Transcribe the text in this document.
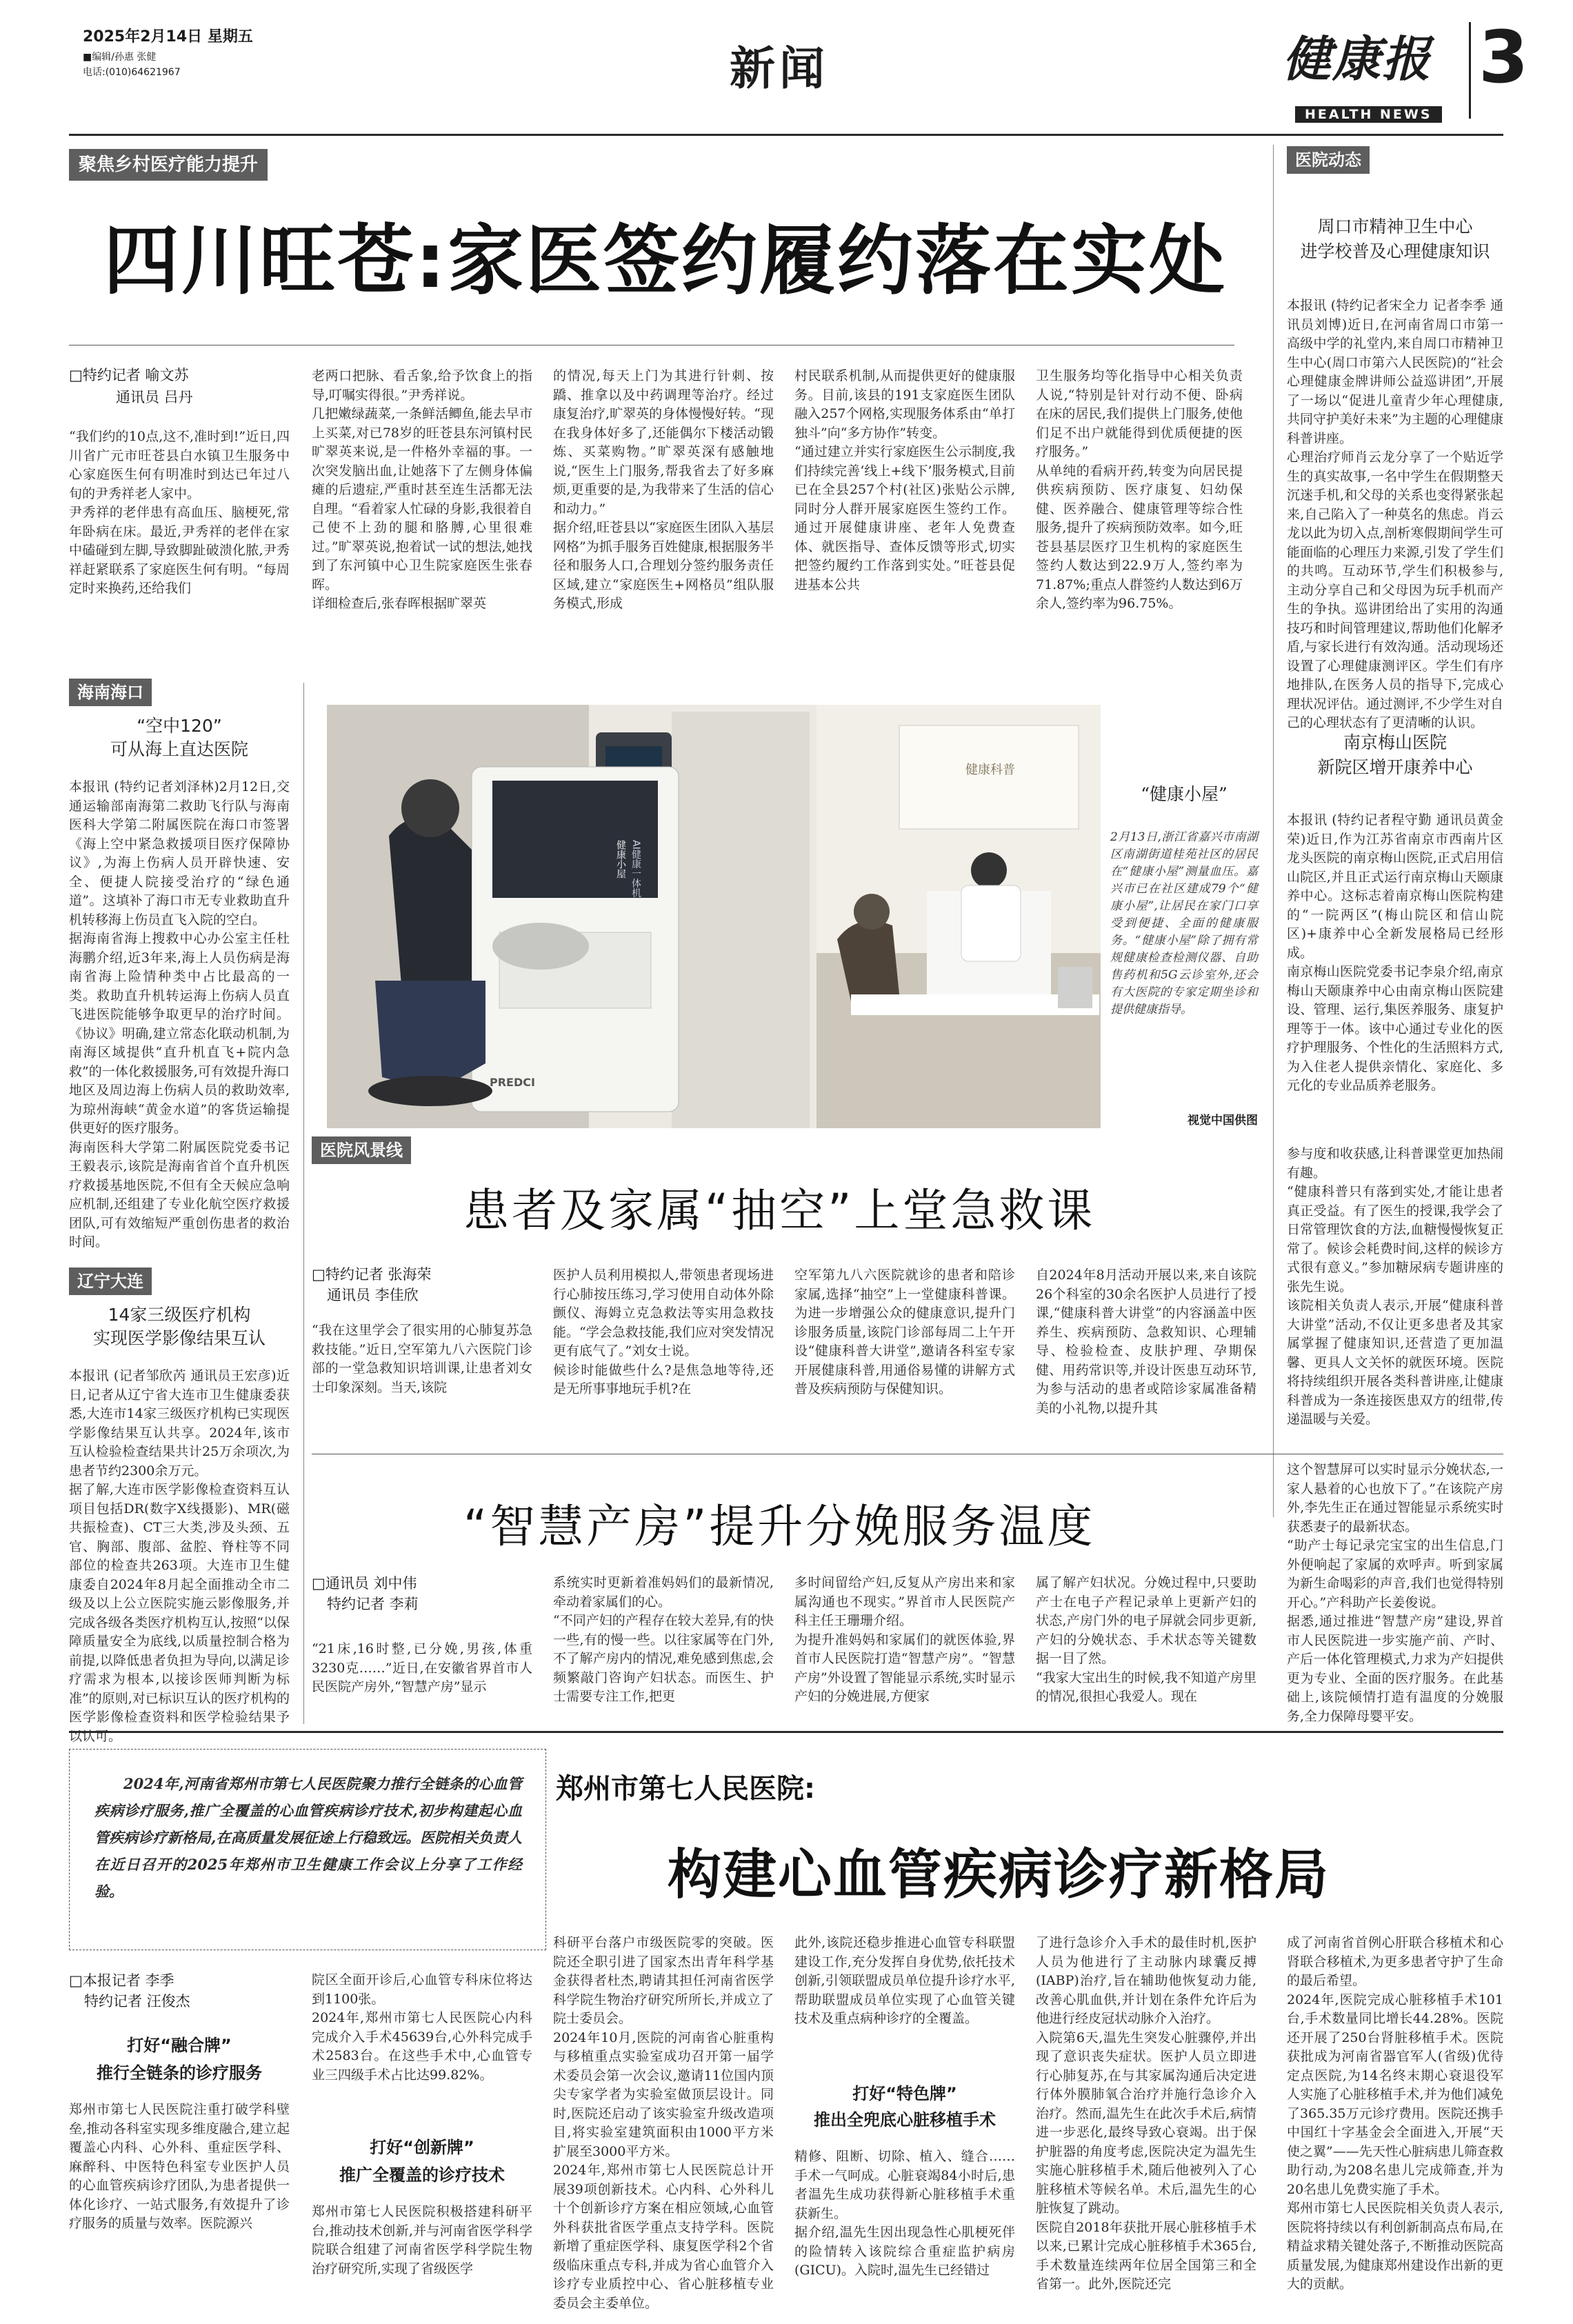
2025年2月14日 星期五
■编辑/孙惠 张健
电话:(010)64621967	新闻	健康报
HEALTH NEWS
3
聚焦乡村医疗能力提升
四川旺苍:家医签约履约落在实处
□特约记者 喻文苏
通讯员 吕丹
“我们约的10点,这不,准时到!”近日,四川省广元市旺苍县白水镇卫生服务中心家庭医生何有明准时到达已年过八旬的尹秀祥老人家中。
尹秀祥的老伴患有高血压、脑梗死,常年卧病在床。最近,尹秀祥的老伴在家中磕碰到左脚,导致脚趾破溃化脓,尹秀祥赶紧联系了家庭医生何有明。“每周定时来换药,还给我们
老两口把脉、看舌象,给予饮食上的指导,叮嘱实得很。”尹秀祥说。
几把嫩绿蔬菜,一条鲜活鲫鱼,能去早市上买菜,对已78岁的旺苍县东河镇村民旷翠英来说,是一件格外幸福的事。一次突发脑出血,让她落下了左侧身体偏瘫的后遗症,严重时甚至连生活都无法自理。“看着家人忙碌的身影,我很着自己使不上劲的腿和胳膊,心里很难过。”旷翠英说,抱着试一试的想法,她找到了东河镇中心卫生院家庭医生张春晖。
详细检查后,张春晖根据旷翠英
的情况,每天上门为其进行针刺、按蹻、推拿以及中药调理等治疗。经过康复治疗,旷翠英的身体慢慢好转。“现在我身体好多了,还能偶尔下楼活动锻炼、买菜购物。”旷翠英深有感触地说,“医生上门服务,帮我省去了好多麻烦,更重要的是,为我带来了生活的信心和动力。”
据介绍,旺苍县以“家庭医生团队入基层网格”为抓手服务百姓健康,根据服务半径和服务人口,合理划分签约服务责任区域,建立“家庭医生+网格员”组队服务模式,形成
村民联系机制,从而提供更好的健康服务。目前,该县的191支家庭医生团队融入257个网格,实现服务体系由“单打独斗”向“多方协作”转变。
“通过建立并实行家庭医生公示制度,我们持续完善‘线上+线下’服务模式,目前已在全县257个村(社区)张贴公示牌,同时分人群开展家庭医生签约工作。通过开展健康讲座、老年人免费查体、就医指导、查体反馈等形式,切实把签约履约工作落到实处。”旺苍县促进基本公共
卫生服务均等化指导中心相关负责人说,“特别是针对行动不便、卧病在床的居民,我们提供上门服务,使他们足不出户就能得到优质便捷的医疗服务。”
从单纯的看病开药,转变为向居民提供疾病预防、医疗康复、妇幼保健、医养融合、健康管理等综合性服务,提升了疾病预防效率。如今,旺苍县基层医疗卫生机构的家庭医生签约人数达到22.9万人,签约率为71.87%;重点人群签约人数达到6万余人,签约率为96.75%。
医院动态
周口市精神卫生中心
进学校普及心理健康知识
本报讯 (特约记者宋全力 记者李季 通讯员刘博)近日,在河南省周口市第一高级中学的礼堂内,来自周口市精神卫生中心(周口市第六人民医院)的“社会心理健康金牌讲师公益巡讲团”,开展了一场以“促进儿童青少年心理健康,共同守护美好未来”为主题的心理健康科普讲座。
心理治疗师肖云龙分享了一个贴近学生的真实故事,一名中学生在假期整天沉迷手机,和父母的关系也变得紧张起来,自己陷入了一种莫名的焦虑。肖云龙以此为切入点,剖析寒假期间学生可能面临的心理压力来源,引发了学生们的共鸣。互动环节,学生们积极参与,主动分享自己和父母因为玩手机而产生的争执。巡讲团给出了实用的沟通技巧和时间管理建议,帮助他们化解矛盾,与家长进行有效沟通。活动现场还设置了心理健康测评区。学生们有序地排队,在医务人员的指导下,完成心理状况评估。通过测评,不少学生对自己的心理状态有了更清晰的认识。
南京梅山医院
新院区增开康养中心
本报讯 (特约记者程守勤 通讯员黄金荣)近日,作为江苏省南京市西南片区龙头医院的南京梅山医院,正式启用信山院区,并且正式运行南京梅山天颐康养中心。这标志着南京梅山医院构建的“一院两区”(梅山院区和信山院区)+康养中心全新发展格局已经形成。
南京梅山医院党委书记李泉介绍,南京梅山天颐康养中心由南京梅山医院建设、管理、运行,集医养服务、康复护理等于一体。该中心通过专业化的医疗护理服务、个性化的生活照料方式,为入住老人提供亲情化、家庭化、多元化的专业品质养老服务。
海南海口
“空中120”
可从海上直达医院
本报讯 (特约记者刘泽林)2月12日,交通运输部南海第二救助飞行队与海南医科大学第二附属医院在海口市签署《海上空中紧急救援项目医疗保障协议》,为海上伤病人员开辟快速、安全、便捷人院接受治疗的“绿色通道”。这填补了海口市无专业救助直升机转移海上伤员直飞入院的空白。
据海南省海上搜救中心办公室主任杜海鹏介绍,近3年来,海上人员伤病是海南省海上险情种类中占比最高的一类。救助直升机转运海上伤病人员直飞进医院能够争取更早的治疗时间。《协议》明确,建立常态化联动机制,为南海区域提供“直升机直飞+院内急救”的一体化救援服务,可有效提升海口地区及周边海上伤病人员的救助效率,为琼州海峡“黄金水道”的客货运输提供更好的医疗服务。
海南医科大学第二附属医院党委书记王毅表示,该院是海南省首个直升机医疗救援基地医院,不但有全天候应急响应机制,还组建了专业化航空医疗救援团队,可有效缩短严重创伤患者的救治时间。
辽宁大连
14家三级医疗机构
实现医学影像结果互认
本报讯 (记者邹欣芮 通讯员王宏彦)近日,记者从辽宁省大连市卫生健康委获悉,大连市14家三级医疗机构已实现医学影像结果互认共享。2024年,该市互认检验检查结果共计25万余项次,为患者节约2300余万元。
据了解,大连市医学影像检查资料互认项目包括DR(数字X线摄影)、MR(磁共振检查)、CT三大类,涉及头颈、五官、胸部、腹部、盆腔、脊柱等不同部位的检查共263项。大连市卫生健康委自2024年8月起全面推动全市二级及以上公立医院实施云影像服务,并完成各级各类医疗机构互认,按照“以保障质量安全为底线,以质量控制合格为前提,以降低患者负担为导向,以满足诊疗需求为根本,以接诊医师判断为标准”的原则,对已标识互认的医疗机构的医学影像检查资料和医学检验结果予以认可。
PREDCI
健康小屋 AI健康一体机
健康科普
“健康小屋”
2月13日,浙江省嘉兴市南湖区南湖街道桂苑社区的居民在“健康小屋”测量血压。嘉兴市已在社区建成79个“健康小屋”,让居民在家门口享受到便捷、全面的健康服务。“健康小屋”除了拥有常规健康检查检测仪器、自助售药机和5G云诊室外,还会有大医院的专家定期坐诊和提供健康指导。
视觉中国供图
医院风景线
患者及家属“抽空”上堂急救课
□特约记者 张海荣
通讯员 李佳欣
“我在这里学会了很实用的心肺复苏急救技能。”近日,空军第九八六医院门诊部的一堂急救知识培训课,让患者刘女士印象深刻。当天,该院
医护人员利用模拟人,带领患者现场进行心肺按压练习,学习使用自动体外除颤仪、海姆立克急救法等实用急救技能。“学会急救技能,我们应对突发情况更有底气了。”刘女士说。
候诊时能做些什么?是焦急地等待,还是无所事事地玩手机?在
空军第九八六医院就诊的患者和陪诊家属,选择“抽空”上一堂健康科普课。为进一步增强公众的健康意识,提升门诊服务质量,该院门诊部每周二上午开设“健康科普大讲堂”,邀请各科室专家开展健康科普,用通俗易懂的讲解方式普及疾病预防与保健知识。
自2024年8月活动开展以来,来自该院26个科室的30余名医护人员进行了授课,“健康科普大讲堂”的内容涵盖中医养生、疾病预防、急救知识、心理辅导、检验检查、皮肤护理、孕期保健、用药常识等,并设计医患互动环节,为参与活动的患者或陪诊家属准备精美的小礼物,以提升其
参与度和收获感,让科普课堂更加热闹有趣。
“健康科普只有落到实处,才能让患者真正受益。有了医生的授课,我学会了日常管理饮食的方法,血糖慢慢恢复正常了。候诊会耗费时间,这样的候诊方式很有意义。”参加糖尿病专题讲座的张先生说。
该院相关负责人表示,开展“健康科普大讲堂”活动,不仅让更多患者及其家属掌握了健康知识,还营造了更加温馨、更具人文关怀的就医环境。医院将持续组织开展各类科普讲座,让健康科普成为一条连接医患双方的纽带,传递温暖与关爱。
“智慧产房”提升分娩服务温度
□通讯员 刘中伟
特约记者 李莉
“21床,16时整,已分娩,男孩,体重3230克……”近日,在安徽省界首市人民医院产房外,“智慧产房”显示
系统实时更新着准妈妈们的最新情况,牵动着家属们的心。
“不同产妇的产程存在较大差异,有的快一些,有的慢一些。以往家属等在门外,不了解产房内的情况,难免感到焦虑,会频繁敲门咨询产妇状态。而医生、护士需要专注工作,把更
多时间留给产妇,反复从产房出来和家属沟通也不现实。”界首市人民医院产科主任王珊珊介绍。
为提升准妈妈和家属们的就医体验,界首市人民医院打造“智慧产房”。“智慧产房”外设置了智能显示系统,实时显示产妇的分娩进展,方便家
属了解产妇状况。分娩过程中,只要助产士在电子产程记录单上更新产妇的状态,产房门外的电子屏就会同步更新,产妇的分娩状态、手术状态等关键数据一目了然。
“我家大宝出生的时候,我不知道产房里的情况,很担心我爱人。现在
这个智慧屏可以实时显示分娩状态,一家人悬着的心也放下了。”在该院产房外,李先生正在通过智能显示系统实时获悉妻子的最新状态。
“助产士每记录完宝宝的出生信息,门外便响起了家属的欢呼声。听到家属为新生命喝彩的声音,我们也觉得特别开心。”产科助产长姜俊说。
据悉,通过推进“智慧产房”建设,界首市人民医院进一步实施产前、产时、产后一体化管理模式,力求为产妇提供更为专业、全面的医疗服务。在此基础上,该院倾情打造有温度的分娩服务,全力保障母婴平安。
2024年,河南省郑州市第七人民医院聚力推行全链条的心血管疾病诊疗服务,推广全覆盖的心血管疾病诊疗技术,初步构建起心血管疾病诊疗新格局,在高质量发展征途上行稳致远。医院相关负责人在近日召开的2025年郑州市卫生健康工作会议上分享了工作经验。
郑州市第七人民医院:
构建心血管疾病诊疗新格局
□本报记者 李季
特约记者 汪俊杰
打好“融合牌”
推行全链条的诊疗服务
郑州市第七人民医院注重打破学科壁垒,推动各科室实现多维度融合,建立起覆盖心内科、心外科、重症医学科、麻醉科、中医特色科室专业医护人员的心血管疾病诊疗团队,为患者提供一体化诊疗、一站式服务,有效提升了诊疗服务的质量与效率。医院源兴
院区全面开诊后,心血管专科床位将达到1100张。
2024年,郑州市第七人民医院心内科完成介入手术45639台,心外科完成手术2583台。在这些手术中,心血管专业三四级手术占比达99.82%。
打好“创新牌”
推广全覆盖的诊疗技术
郑州市第七人民医院积极搭建科研平台,推动技术创新,并与河南省医学科学院联合组建了河南省医学科学院生物治疗研究所,实现了省级医学
科研平台落户市级医院零的突破。医院还全职引进了国家杰出青年科学基金获得者杜杰,聘请其担任河南省医学科学院生物治疗研究所所长,并成立了院士委员会。
2024年10月,医院的河南省心脏重构与移植重点实验室成功召开第一届学术委员会第一次会议,邀请11位国内顶尖专家学者为实验室做顶层设计。同时,医院还启动了该实验室升级改造项目,将实验室建筑面积由1000平方米扩展至3000平方米。
2024年,郑州市第七人民医院总计开展39项创新技术。心内科、心外科儿十个创新诊疗方案在相应领域,心血管外科获批省医学重点支持学科。医院新增了重症医学科、康复医学科2个省级临床重点专科,并成为省心血管介入诊疗专业质控中心、省心脏移植专业委员会主委单位。
此外,该院还稳步推进心血管专科联盟建设工作,充分发挥自身优势,依托技术创新,引领联盟成员单位提升诊疗水平,帮助联盟成员单位实现了心血管关键技术及重点病种诊疗的全覆盖。
打好“特色牌”
推出全兜底心脏移植手术
精修、阻断、切除、植入、缝合……手术一气呵成。心脏衰竭84小时后,患者温先生成功获得新心脏移植手术重获新生。
据介绍,温先生因出现急性心肌梗死伴的险情转入该院综合重症监护病房(GICU)。入院时,温先生已经错过
了进行急诊介入手术的最佳时机,医护人员为他进行了主动脉内球囊反搏(IABP)治疗,旨在辅助他恢复动力能,改善心肌血供,并计划在条件允许后为他进行经皮冠状动脉介入治疗。
入院第6天,温先生突发心脏骤停,并出现了意识丧失症状。医护人员立即进行心肺复苏,在与其家属沟通后决定进行体外膜肺氧合治疗并施行急诊介入治疗。然而,温先生在此次手术后,病情进一步恶化,最终导致心衰竭。出于保护脏器的角度考虑,医院决定为温先生实施心脏移植手术,随后他被列入了心脏移植术等候名单。术后,温先生的心脏恢复了跳动。
医院自2018年获批开展心脏移植手术以来,已累计完成心脏移植手术365台,手术数量连续两年位居全国第三和全省第一。此外,医院还完
成了河南省首例心肝联合移植术和心肾联合移植术,为更多患者守护了生命的最后希望。
2024年,医院完成心脏移植手术101台,手术数量同比增长44.28%。医院还开展了250台肾脏移植手术。医院获批成为河南省器官军人(省级)优待定点医院,为14名终末期心衰退役军人实施了心脏移植手术,并为他们减免了365.35万元诊疗费用。医院还携手中国红十字基金会全面进入,开展“天使之翼”——先天性心脏病患儿筛查救助行动,为208名患儿完成筛查,并为20名患儿免费实施了手术。
郑州市第七人民医院相关负责人表示,医院将持续以有利创新制高点布局,在精益求精关键处落子,不断推动医院高质量发展,为健康郑州建设作出新的更大的贡献。
